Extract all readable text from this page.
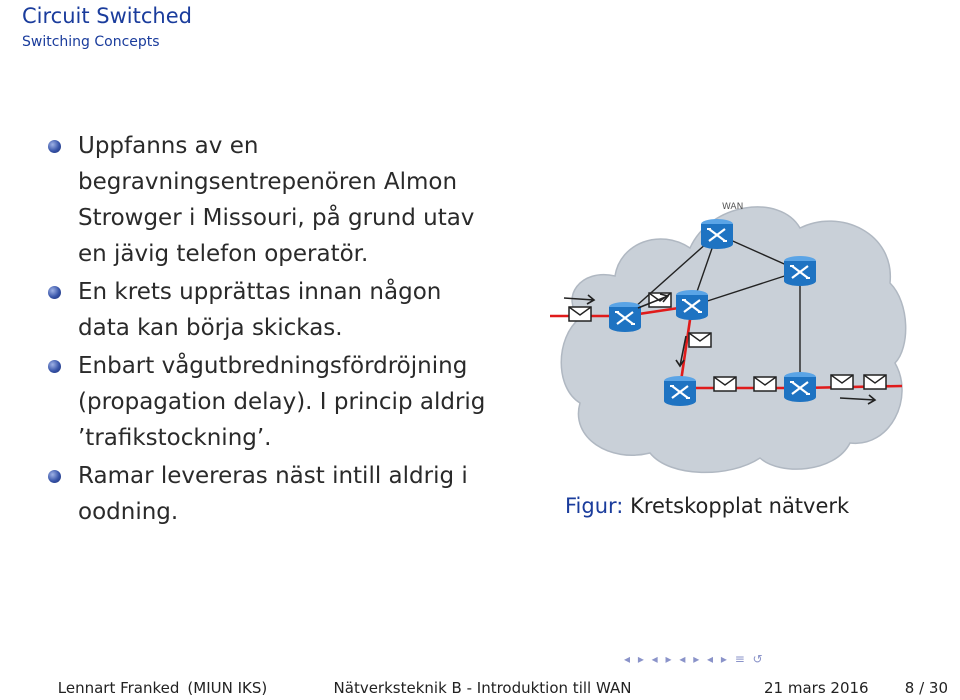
Circuit Switched
Switching Concepts
Uppfanns av en begravningsentrepenören Almon Strowger i Missouri, på grund utav en jävig telefon operatör.
En krets upprättas innan någon data kan börja skickas.
Enbart vågutbredningsfördröjning (propagation delay). I princip aldrig ’trafikstockning’.
Ramar levereras näst intill aldrig i oodning.
WAN
Figur: Kretskopplat nätverk
◂ ▸ ◂ ▸ ◂ ▸ ◂ ▸ ≡ ↺
Lennart Franked (MIUN IKS)	Nätverksteknik B - Introduktion till WAN	21 mars 2016 8 / 30
